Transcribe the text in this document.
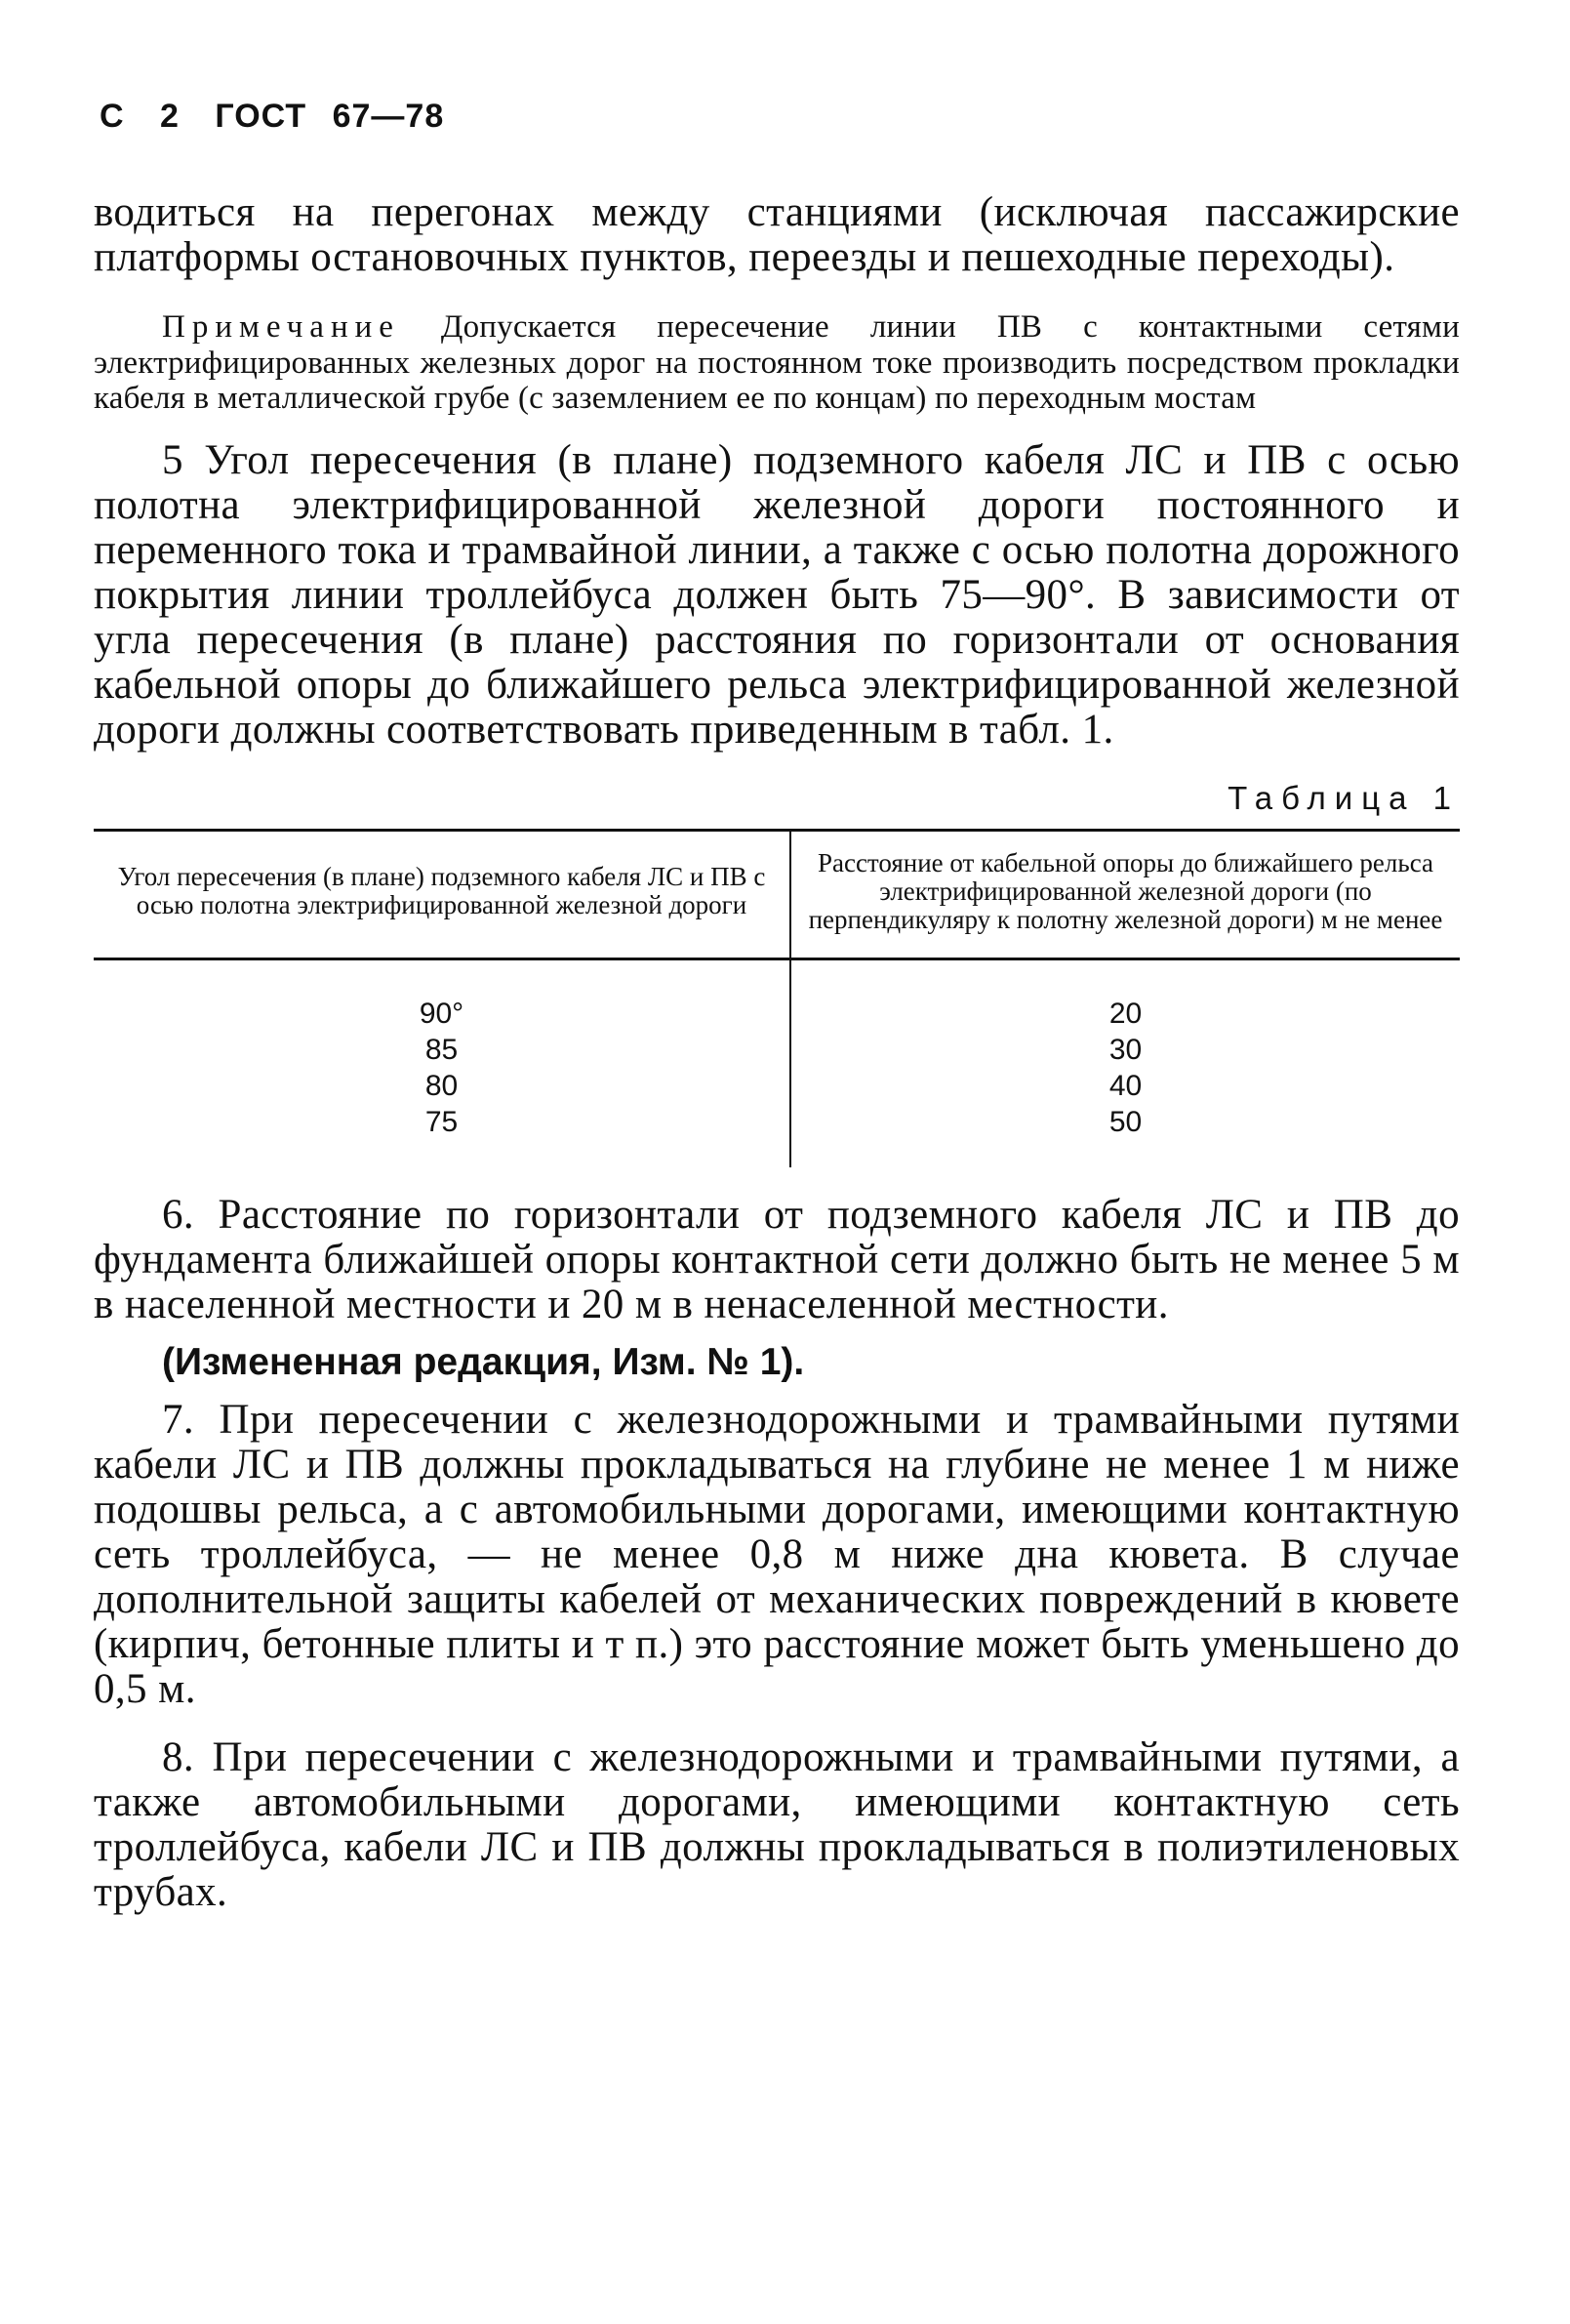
С 2 ГОСТ 67—78

водиться на перегонах между станциями (исключая пассажирские платформы остановочных пунктов, переезды и пешеходные переходы).

Примечание Допускается пересечение линии ПВ с контактными сетями электрифицированных железных дорог на постоянном токе производить посредством прокладки кабеля в металлической грубе (с заземлением ее по концам) по переходным мостам

5 Угол пересечения (в плане) подземного кабеля ЛС и ПВ с осью полотна электрифицированной железной дороги постоянного и переменного тока и трамвайной линии, а также с осью полотна дорожного покрытия линии троллейбуса должен быть 75—90°. В зависимости от угла пересечения (в плане) расстояния по горизонтали от основания кабельной опоры до ближайшего рельса электрифицированной железной дороги должны соответствовать приведенным в табл. 1.

Таблица 1
Угол пересечения (в плане) подземного кабеля ЛС и ПВ с осью полотна электрифицированной железной дороги	Расстояние от кабельной опоры до ближайшего рельса электрифицированной железной дороги (по перпендикуляру к полотну железной дороги) м не менее
90°	20
85	30
80	40
75	50

6. Расстояние по горизонтали от подземного кабеля ЛС и ПВ до фундамента ближайшей опоры контактной сети должно быть не менее 5 м в населенной местности и 20 м в ненаселенной местности.

(Измененная редакция, Изм. № 1).

7. При пересечении с железнодорожными и трамвайными путями кабели ЛС и ПВ должны прокладываться на глубине не менее 1 м ниже подошвы рельса, а с автомобильными дорогами, имеющими контактную сеть троллейбуса, — не менее 0,8 м ниже дна кювета. В случае дополнительной защиты кабелей от механических повреждений в кювете (кирпич, бетонные плиты и т п.) это расстояние может быть уменьшено до 0,5 м.

8. При пересечении с железнодорожными и трамвайными путями, а также автомобильными дорогами, имеющими контактную сеть троллейбуса, кабели ЛС и ПВ должны прокладываться в полиэтиленовых трубах.
